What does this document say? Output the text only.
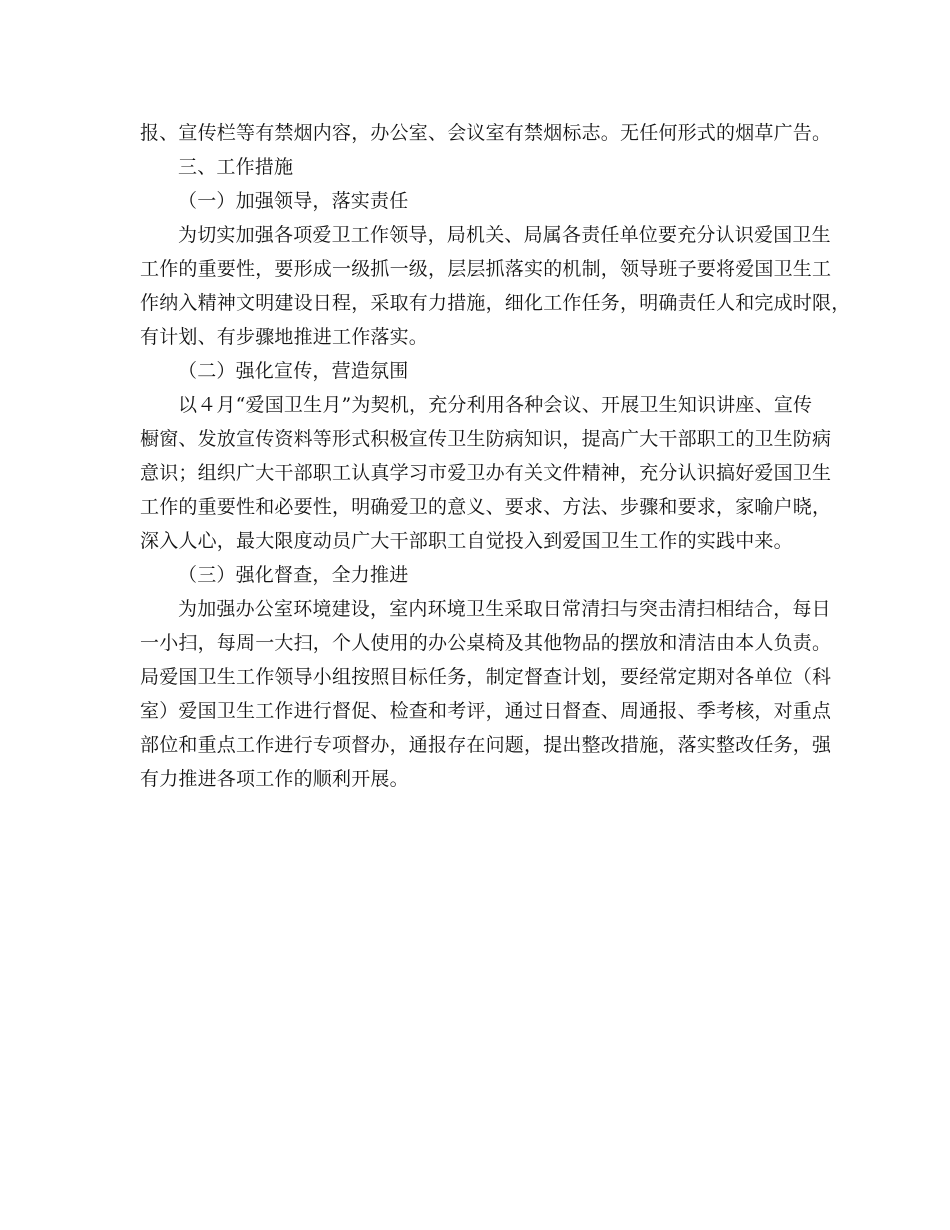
报、宣传栏等有禁烟内容，办公室、会议室有禁烟标志。无任何形式的烟草广告。
三、工作措施
（一）加强领导，落实责任
为切实加强各项爱卫工作领导，局机关、局属各责任单位要充分认识爱国卫生
工作的重要性，要形成一级抓一级，层层抓落实的机制，领导班子要将爱国卫生工
作纳入精神文明建设日程，采取有力措施，细化工作任务，明确责任人和完成时限，
有计划、有步骤地推进工作落实。
（二）强化宣传，营造氛围
以４月“爱国卫生月”为契机，充分利用各种会议、开展卫生知识讲座、宣传
橱窗、发放宣传资料等形式积极宣传卫生防病知识，提高广大干部职工的卫生防病
意识；组织广大干部职工认真学习市爱卫办有关文件精神，充分认识搞好爱国卫生
工作的重要性和必要性，明确爱卫的意义、要求、方法、步骤和要求，家喻户晓，
深入人心，最大限度动员广大干部职工自觉投入到爱国卫生工作的实践中来。
（三）强化督查，全力推进
为加强办公室环境建设，室内环境卫生采取日常清扫与突击清扫相结合，每日
一小扫，每周一大扫，个人使用的办公桌椅及其他物品的摆放和清洁由本人负责。
局爱国卫生工作领导小组按照目标任务，制定督查计划，要经常定期对各单位（科
室）爱国卫生工作进行督促、检查和考评，通过日督查、周通报、季考核，对重点
部位和重点工作进行专项督办，通报存在问题，提出整改措施，落实整改任务，强
有力推进各项工作的顺利开展。
